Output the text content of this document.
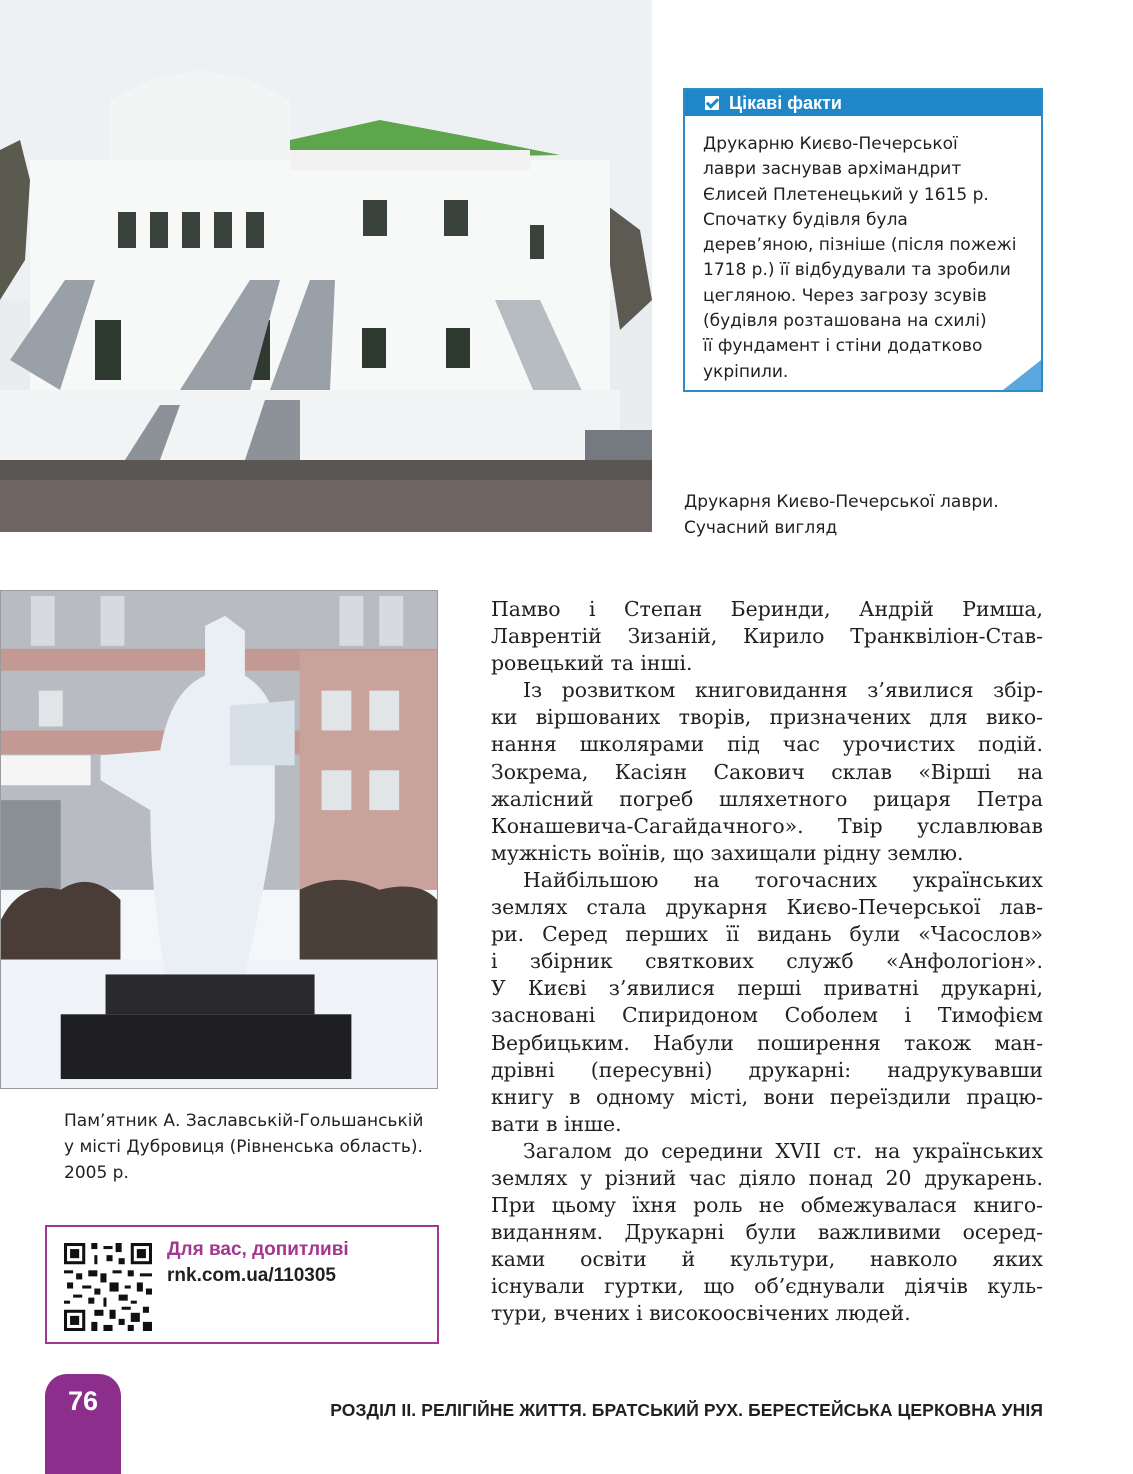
Цікаві факти
Друкарню Києво-Печерської
лаври заснував архімандрит
Єлисей Плетенецький у 1615 р.
Спочатку будівля була
дерев’яною, пізніше (після пожежі
1718 р.) її відбудували та зробили
цегляною. Через загрозу зсувів
(будівля розташована на схилі)
її фундамент і стіни додатково
укріпили.
Друкарня Києво-Печерської лаври.
Сучасний вигляд
Пам’ятник А. Заславській-Гольшанській
у місті Дубровиця (Рівненська область).
2005 р.
Памво і Степан Беринди, Андрій Римша,
Лаврентій Зизаній, Кирило Транквіліон-Став-
ровецький та інші.
Із розвитком книговидання з’явилися збір-
ки віршованих творів, призначених для вико-
нання школярами під час урочистих подій.
Зокрема, Касіян Сакович склав «Вірші на
жалісний погреб шляхетного рицаря Петра
Конашевича-Сагайдачного». Твір уславлював
мужність воїнів, що захищали рідну землю.
Найбільшою на тогочасних українських
землях стала друкарня Києво-Печерської лав-
ри. Серед перших її видань були «Часослов»
і збірник святкових служб «Анфологіон».
У Києві з’явилися перші приватні друкарні,
засновані Спиридоном Соболем і Тимофієм
Вербицьким. Набули поширення також ман-
дрівні (пересувні) друкарні: надрукувавши
книгу в одному місті, вони переїздили працю-
вати в інше.
Загалом до середини XVII ст. на українських
землях у різний час діяло понад 20 друкарень.
При цьому їхня роль не обмежувалася книго-
виданням. Друкарні були важливими осеред-
ками освіти й культури, навколо яких
існували гуртки, що об’єднували діячів куль-
тури, вчених і високоосвічених людей.
Для вас, допитливі
rnk.com.ua/110305
76	РОЗДІЛ ІІ. РЕЛІГІЙНЕ ЖИТТЯ. БРАТСЬКИЙ РУХ. БЕРЕСТЕЙСЬКА ЦЕРКОВНА УНІЯ
